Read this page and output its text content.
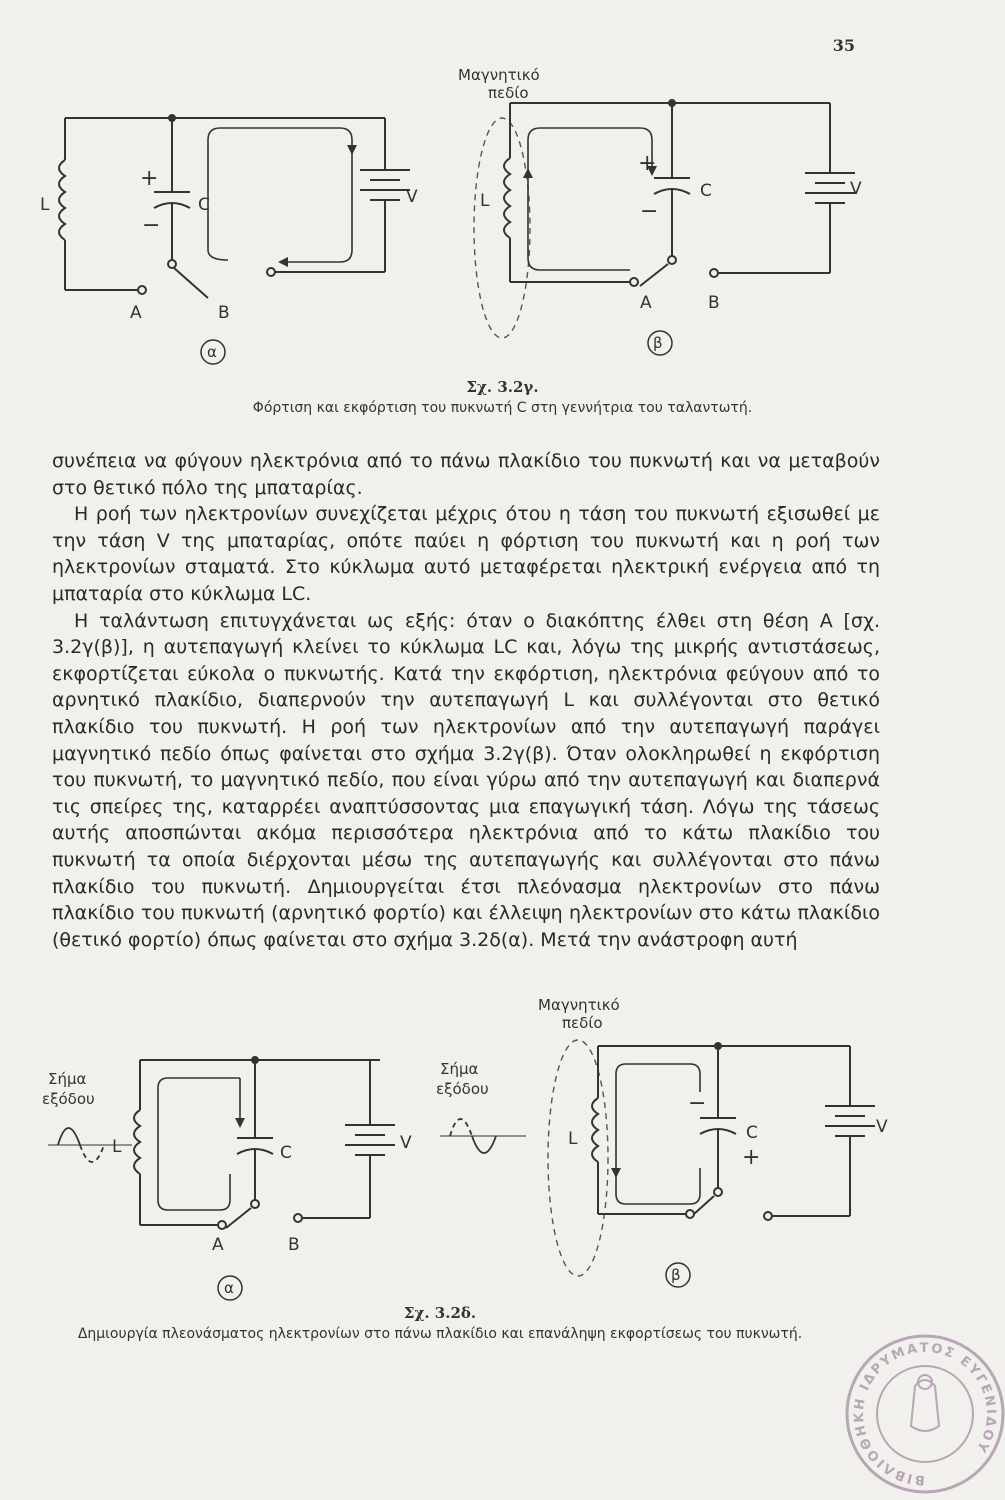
35
L
+
−
C	V
A	B
α
Μαγνητικό
πεδίο
L
+
−
C	V
A	B
β
Σχ. 3.2γ.
Φόρτιση και εκφόρτιση του πυκνωτή C στη γεννήτρια του ταλαντωτή.

συνέπεια να φύγουν ηλεκτρόνια από το πάνω πλακίδιο του πυκνωτή και να μεταβούν στο θετικό πόλο της μπαταρίας.

Η ροή των ηλεκτρονίων συνεχίζεται μέχρις ότου η τάση του πυκνωτή εξισωθεί με την τάση V της μπαταρίας, οπότε παύει η φόρτιση του πυκνωτή και η ροή των ηλεκτρονίων σταματά. Στο κύκλωμα αυτό μεταφέρεται ηλεκτρική ενέργεια από τη μπαταρία στο κύκλωμα LC.

Η ταλάντωση επιτυγχάνεται ως εξής: όταν ο διακόπτης έλθει στη θέση Α [σχ. 3.2γ(β)], η αυτεπαγωγή κλείνει το κύκλωμα LC και, λόγω της μικρής αντιστάσεως, εκφορτίζεται εύκολα ο πυκνωτής. Κατά την εκφόρτιση, ηλεκτρόνια φεύγουν από το αρνητικό πλακίδιο, διαπερνούν την αυτεπαγωγή L και συλλέγονται στο θετικό πλακίδιο του πυκνωτή. Η ροή των ηλεκτρονίων από την αυτεπαγωγή παράγει μαγνητικό πεδίο όπως φαίνεται στο σχήμα 3.2γ(β). Όταν ολοκληρωθεί η εκφόρτιση του πυκνωτή, το μαγνητικό πεδίο, που είναι γύρω από την αυτεπαγωγή και διαπερνά τις σπείρες της, καταρρέει αναπτύσσοντας μια επαγωγική τάση. Λόγω της τάσεως αυτής αποσπώνται ακόμα περισσότερα ηλεκτρόνια από το κάτω πλακίδιο του πυκνωτή τα οποία διέρχονται μέσω της αυτεπαγωγής και συλλέγονται στο πάνω πλακίδιο του πυκνωτή. Δημιουργείται έτσι πλεόνασμα ηλεκτρονίων στο πάνω πλακίδιο του πυκνωτή (αρνητικό φορτίο) και έλλειψη ηλεκτρονίων στο κάτω πλακίδιο (θετικό φορτίο) όπως φαίνεται στο σχήμα 3.2δ(α). Μετά την ανάστροφη αυτή

Σήμα
εξόδου
L	C	V
A	B
α
Μαγνητικό
πεδίο
Σήμα
εξόδου
L
−
C
+
V
β
Σχ. 3.2δ.
Δημιουργία πλεονάσματος ηλεκτρονίων στο πάνω πλακίδιο και επανάληψη εκφορτίσεως του πυκνωτή.
ΒΙΒΛΙΟΘΗΚΗ ΙΔΡΥΜΑΤΟΣ ΕΥΓΕΝΙΔΟΥ
